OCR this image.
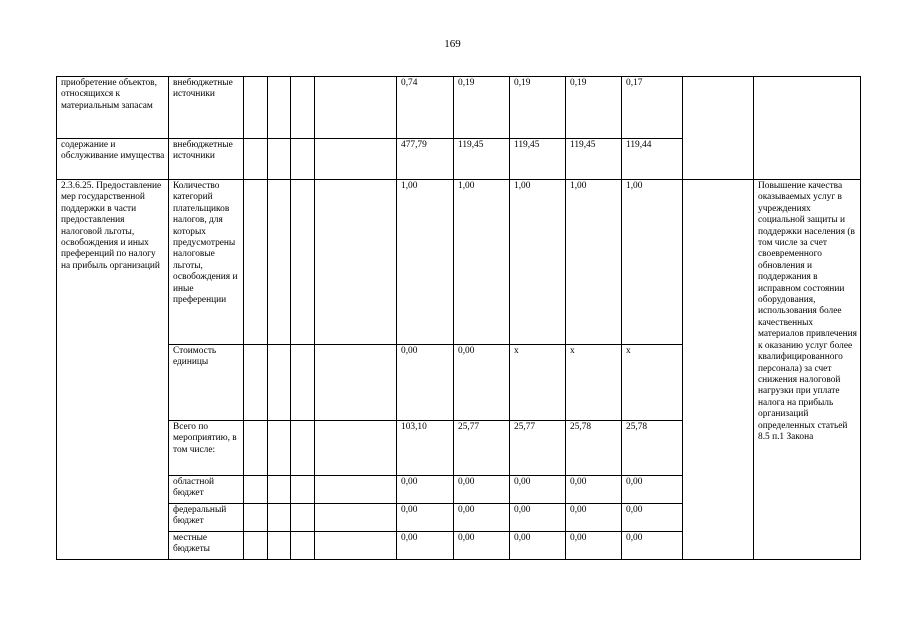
169
приобретение объектов, относящихся к материальным запасам	внебюджетные источники					0,74	0,19	0,19	0,19	0,17		
содержание и обслуживание имущества	внебюджетные источники					477,79	119,45	119,45	119,45	119,44		
2.3.6.25. Предоставление мер государственной поддержки в части предоставления налоговой льготы, освобождения и иных преференций по налогу на прибыль организаций	Количество категорий плательщиков налогов, для которых предусмотрены налоговые льготы, освобождения и иные преференции					1,00	1,00	1,00	1,00	1,00		Повышение качества оказываемых услуг в учреждениях социальной защиты и поддержки населения (в том числе за счет своевременного обновления и поддержания в исправном состоянии оборудования, использования более качественных материалов привлечения к оказанию услуг более квалифицированного персонала) за счет снижения налоговой нагрузки при уплате налога на прибыль организаций определенных статьей 8.5 п.1 Закона
	Стоимость единицы					0,00	0,00	х	х	х		
	Всего по мероприятию, в том числе:					103,10	25,77	25,77	25,78	25,78		
	областной бюджет					0,00	0,00	0,00	0,00	0,00		
	федеральный бюджет					0,00	0,00	0,00	0,00	0,00		
	местные бюджеты					0,00	0,00	0,00	0,00	0,00		
